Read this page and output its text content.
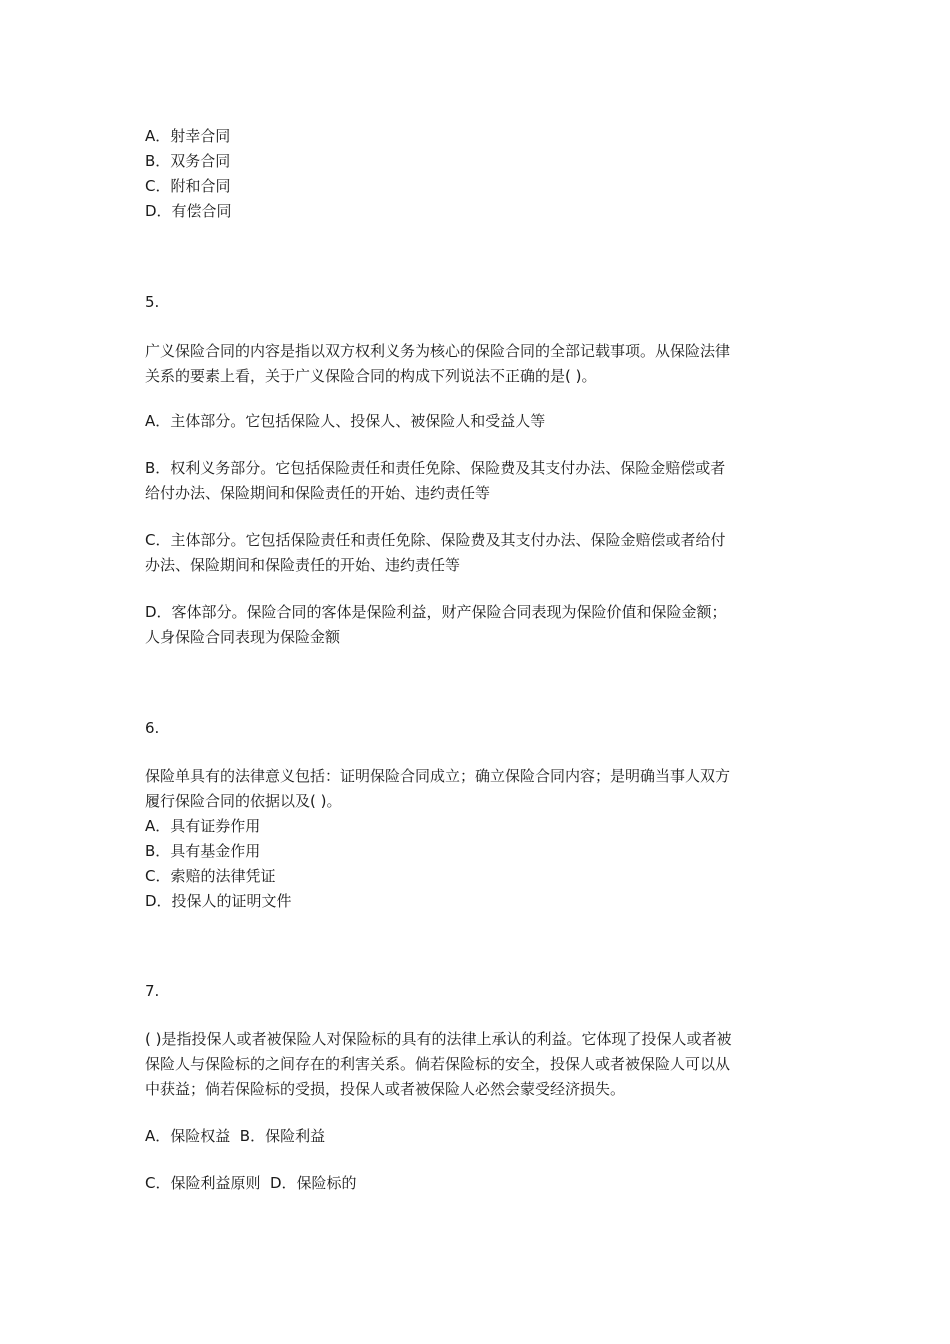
A．射幸合同
B．双务合同
C．附和合同
D．有偿合同
5.
广义保险合同的内容是指以双方权利义务为核心的保险合同的全部记载事项。从保险法律
关系的要素上看，关于广义保险合同的构成下列说法不正确的是( )。
A．主体部分。它包括保险人、投保人、被保险人和受益人等
B．权利义务部分。它包括保险责任和责任免除、保险费及其支付办法、保险金赔偿或者
给付办法、保险期间和保险责任的开始、违约责任等
C．主体部分。它包括保险责任和责任免除、保险费及其支付办法、保险金赔偿或者给付
办法、保险期间和保险责任的开始、违约责任等
D．客体部分。保险合同的客体是保险利益，财产保险合同表现为保险价值和保险金额；
人身保险合同表现为保险金额
6.
保险单具有的法律意义包括：证明保险合同成立；确立保险合同内容；是明确当事人双方
履行保险合同的依据以及( )。
A．具有证券作用
B．具有基金作用
C．索赔的法律凭证
D．投保人的证明文件
7.
( )是指投保人或者被保险人对保险标的具有的法律上承认的利益。它体现了投保人或者被
保险人与保险标的之间存在的利害关系。倘若保险标的安全，投保人或者被保险人可以从
中获益；倘若保险标的受损，投保人或者被保险人必然会蒙受经济损失。
A．保险权益  B．保险利益
C．保险利益原则  D．保险标的
